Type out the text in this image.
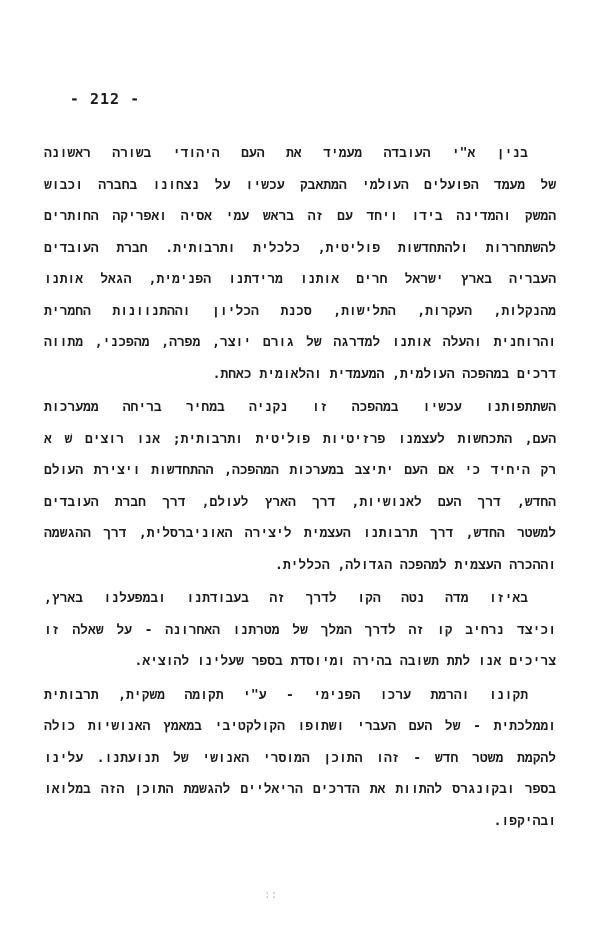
- 212 -
בנין א"י העובדה מעמיד את העם היהודי בשורה ראשונה
של מעמד הפועלים העולמי המתאבק עכשיו על נצחונו בחברה וכבוש
המשק והמדינה בידו ויחד עם זה בראש עמי אסיה ואפריקה החותרים
להשתחררות ולהתחדשות פוליטית, כלכלית ותרבותית. חברת העובדים
העבריה בארץ ישראל חרים אותנו מרידתנו הפנימית, הגאל אותנו
מהנקלות, העקרות, התלישות, סכנת הכליון וההתנוונות החמרית
והרוחנית והעלה אותנו למדרגה של גורם יוצר, מפרה, מהפכני, מתווה
דרכים במהפכה העולמית, המעמדית והלאומית כאחת.
השתתפותנו עכשיו במהפכה זו נקניה במחיר בריחה ממערכות
העם, התכחשות לעצמנו פרזיטיות פוליטית ותרבותית; אנו רוצים שׁ א
רק היחיד כי אם העם יתיצב במערכות המהפכה, ההתחדשות ויצירת העולם
החדש, דרך העם לאנושיות, דרך הארץ לעולם, דרך חברת העובדים
למשטר החדש, דרך תרבותנו העצמית ליצירה האוניברסלית, דרך ההגשמה
וההכרה העצמית למהפכה הגדולה, הכללית.
באיזו מדה נטה הקו לדרך זה בעבודתנו ובמפעלנו בארץ,
וכיצד נרחיב קו זה לדרך המלך של מטרתנו האחרונה - על שאלה זו
צריכים אנו לתת תשובה בהירה ומיוסדת בספר שעלינו להוציא.
תקונו והרמת ערכו הפנימי - ע"י תקומה משקית, תרבותית
וממלכתית - של העם העברי ושתופו הקולקטיבי במאמץ האנושיות כולה
להקמת משטר חדש - זהו התוכן המוסרי האנושי של תנועתנו. עלינו
בספר ובקונגרס להתוות את הדרכים הריאליים להגשמת התוכן הזה במלואו
ובהיקפו.
::
